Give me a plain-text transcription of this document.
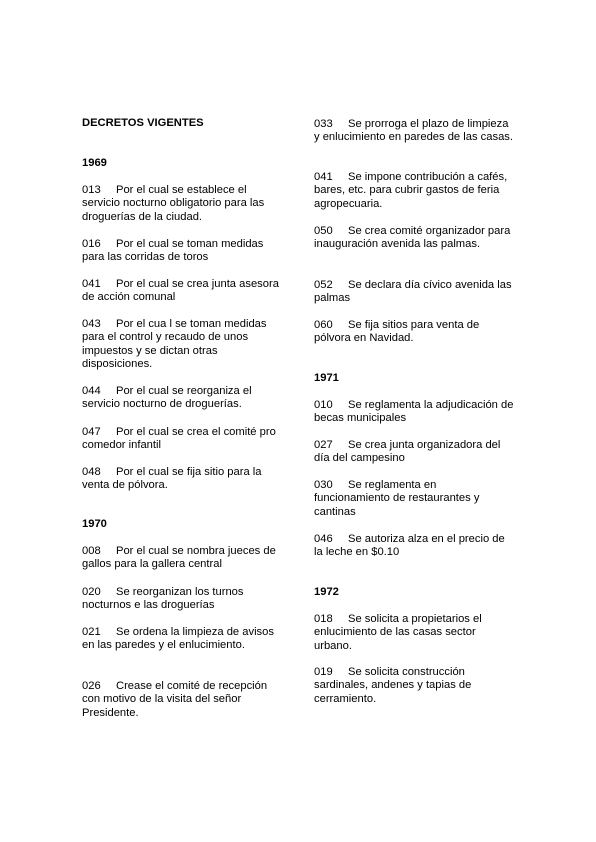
DECRETOS VIGENTES
1969
013 Por el cual se establece el servicio nocturno obligatorio para las droguerías de la ciudad.
016 Por el cual se toman medidas para las corridas de toros
041 Por el cual se crea junta asesora de acción comunal
043 Por el cua l se toman medidas para el control y recaudo de unos impuestos y se dictan otras disposiciones.
044 Por el cual se reorganiza el servicio nocturno de droguerías.
047 Por el cual se crea el comité pro comedor infantil
048 Por el cual se fija sitio para la venta de pólvora.
1970
008 Por el cual se nombra jueces de gallos para la gallera central
020 Se reorganizan los turnos nocturnos e las droguerías
021 Se ordena la limpieza de avisos en las paredes y el enlucimiento.
026 Crease el comité de recepción con motivo de la visita del señor Presidente.
033 Se prorroga el plazo de limpieza y enlucimiento en paredes de las casas.
041 Se impone contribución a cafés, bares, etc. para cubrir gastos de feria agropecuaria.
050 Se crea comité organizador para inauguración avenida las palmas.
052 Se declara día cívico avenida las palmas
060 Se fija sitios para venta de pólvora en Navidad.
1971
010 Se reglamenta la adjudicación de becas municipales
027 Se crea junta organizadora del día del campesino
030 Se reglamenta en funcionamiento de restaurantes y cantinas
046 Se autoriza alza en el precio de la leche en $0.10
1972
018 Se solicita a propietarios el enlucimiento de las casas sector urbano.
019 Se solicita construcción sardinales, andenes y tapias de cerramiento.
